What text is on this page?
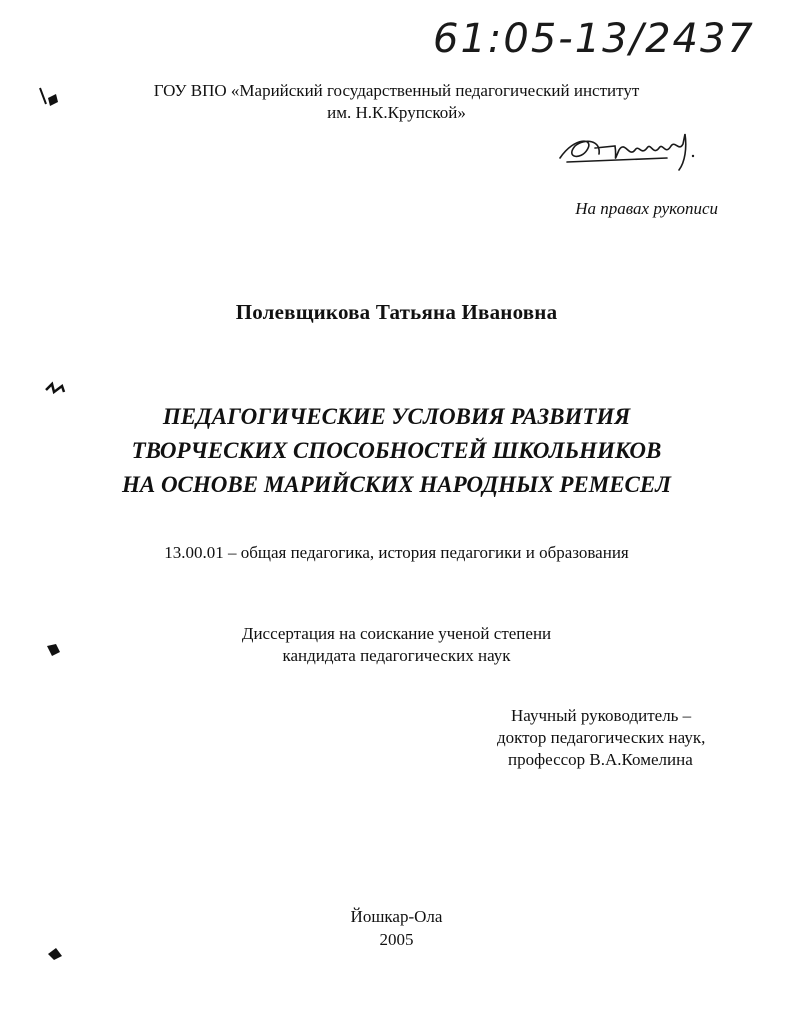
61:05-13/2437
ГОУ ВПО «Марийский государственный педагогический институт
им. Н.К.Крупской»
На правах рукописи
Полевщикова Татьяна Ивановна
ПЕДАГОГИЧЕСКИЕ УСЛОВИЯ РАЗВИТИЯ
ТВОРЧЕСКИХ СПОСОБНОСТЕЙ ШКОЛЬНИКОВ
НА ОСНОВЕ МАРИЙСКИХ НАРОДНЫХ РЕМЕСЕЛ
13.00.01 – общая педагогика, история педагогики и образования
Диссертация на соискание ученой степени
кандидата педагогических наук
Научный руководитель –
доктор педагогических наук,
профессор В.А.Комелина
Йошкар-Ола
2005
